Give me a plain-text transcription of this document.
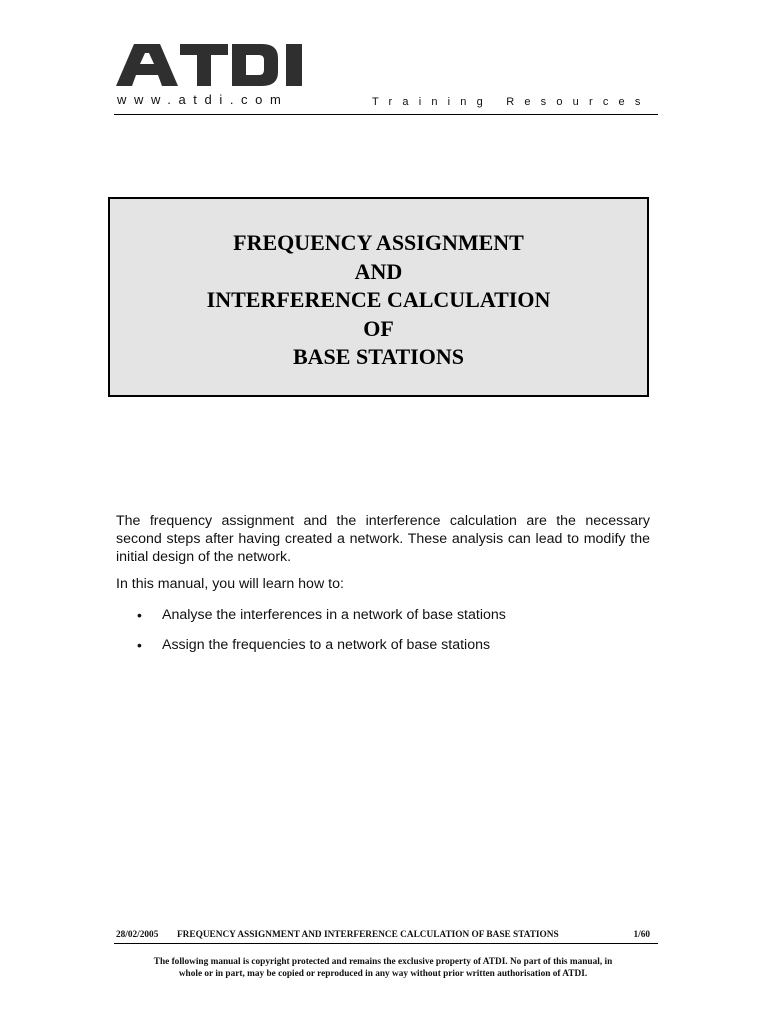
www.atdi.com	Training Resources
FREQUENCY ASSIGNMENT
AND
INTERFERENCE CALCULATION
OF
BASE STATIONS

The frequency assignment and the interference calculation are the necessary second steps after having created a network. These analysis can lead to modify the initial design of the network.

In this manual, you will learn how to:

• Analyse the interferences in a network of base stations
• Assign the frequencies to a network of base stations
28/02/2005 FREQUENCY ASSIGNMENT AND INTERFERENCE CALCULATION OF BASE STATIONS	1/60

The following manual is copyright protected and remains the exclusive property of ATDI. No part of this manual, in
whole or in part, may be copied or reproduced in any way without prior written authorisation of ATDI.
